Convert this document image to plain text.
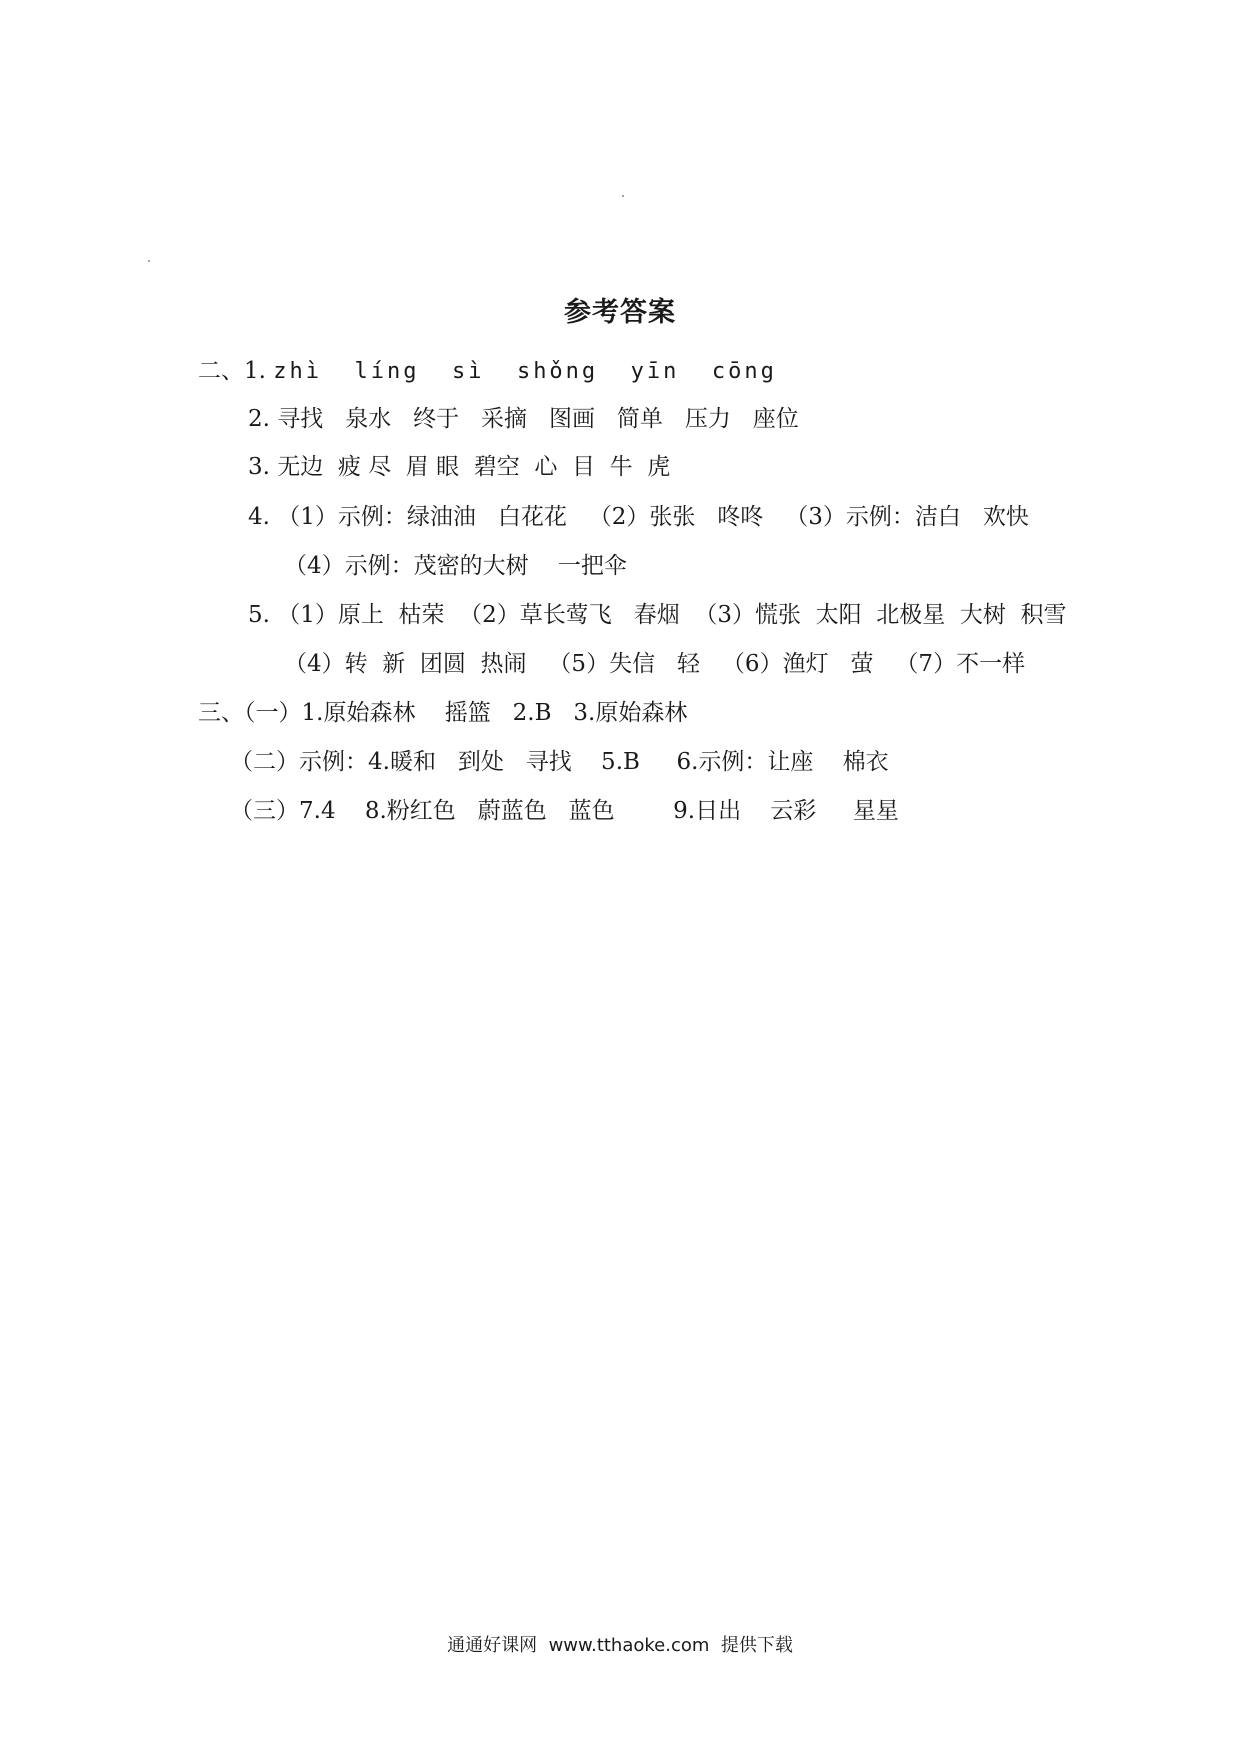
参考答案
二、1. zhì  líng  sì  shǒng  yīn  cōng
2. 寻找   泉水   终于   采摘   图画   简单   压力   座位
3. 无边  疲 尽  眉 眼  碧空  心  目  牛  虎
4. （1）示例：绿油油   白花花   （2）张张   咚咚   （3）示例：洁白   欢快
（4）示例：茂密的大树    一把伞
5. （1）原上  枯荣  （2）草长莺飞   春烟  （3）慌张  太阳  北极星  大树  积雪
（4）转  新  团圆  热闹   （5）失信   轻   （6）渔灯   萤   （7）不一样
三、（一）1.原始森林    摇篮   2.B   3.原始森林
（二）示例：4.暖和   到处   寻找    5.B     6.示例：让座    棉衣
（三）7.4    8.粉红色   蔚蓝色   蓝色        9.日出    云彩     星星
通通好课网  www.tthaoke.com  提供下载
